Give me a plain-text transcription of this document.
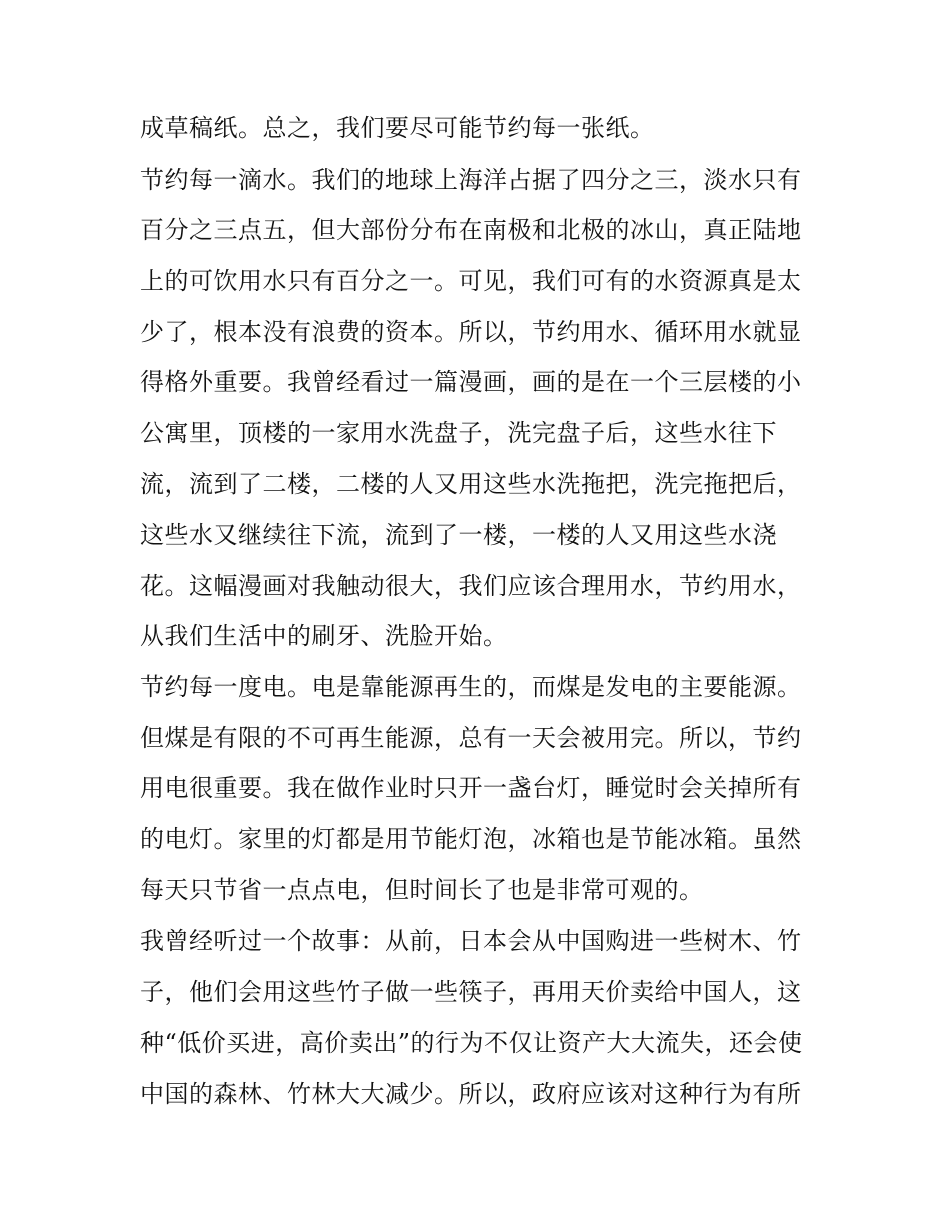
成草稿纸。总之，我们要尽可能节约每一张纸。
节约每一滴水。我们的地球上海洋占据了四分之三，淡水只有
百分之三点五，但大部份分布在南极和北极的冰山，真正陆地
上的可饮用水只有百分之一。可见，我们可有的水资源真是太
少了，根本没有浪费的资本。所以，节约用水、循环用水就显
得格外重要。我曾经看过一篇漫画，画的是在一个三层楼的小
公寓里，顶楼的一家用水洗盘子，洗完盘子后，这些水往下
流，流到了二楼，二楼的人又用这些水洗拖把，洗完拖把后，
这些水又继续往下流，流到了一楼，一楼的人又用这些水浇
花。这幅漫画对我触动很大，我们应该合理用水，节约用水，
从我们生活中的刷牙、洗脸开始。
节约每一度电。电是靠能源再生的，而煤是发电的主要能源。
但煤是有限的不可再生能源，总有一天会被用完。所以，节约
用电很重要。我在做作业时只开一盏台灯，睡觉时会关掉所有
的电灯。家里的灯都是用节能灯泡，冰箱也是节能冰箱。虽然
每天只节省一点点电，但时间长了也是非常可观的。
我曾经听过一个故事：从前，日本会从中国购进一些树木、竹
子，他们会用这些竹子做一些筷子，再用天价卖给中国人，这
种“低价买进，高价卖出”的行为不仅让资产大大流失，还会使
中国的森林、竹林大大减少。所以，政府应该对这种行为有所
